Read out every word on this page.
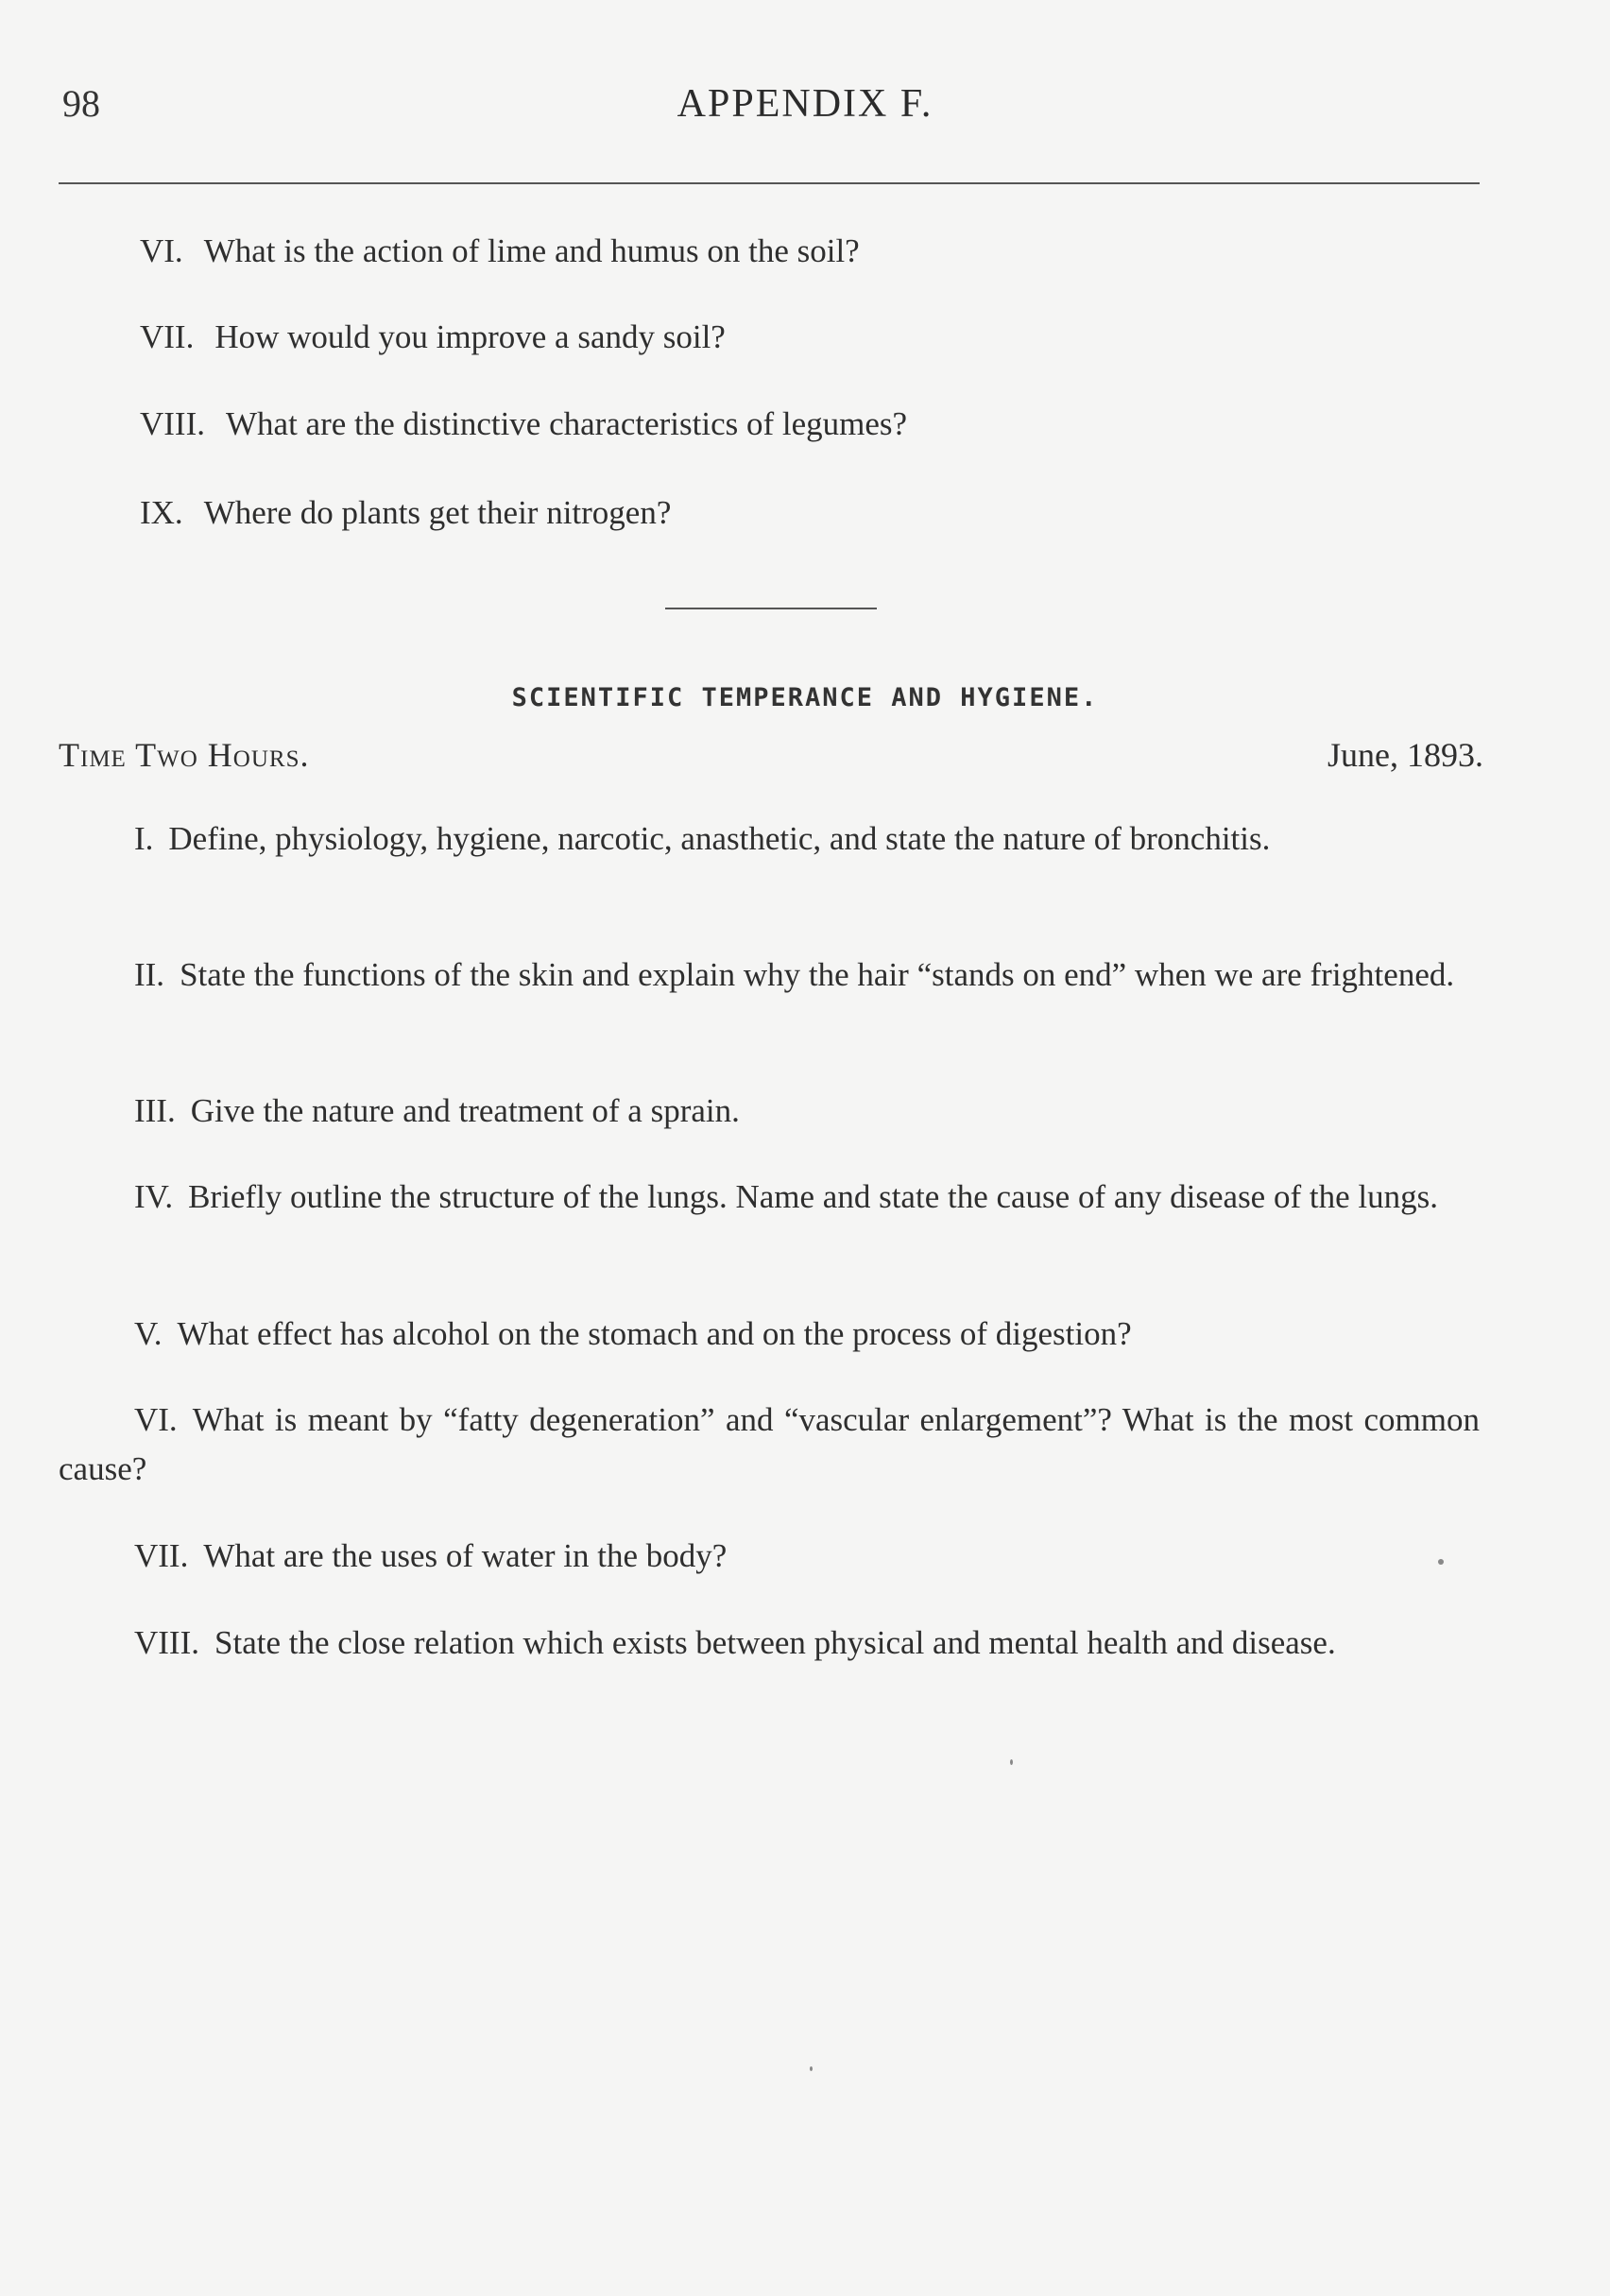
98	APPENDIX F.
VI. What is the action of lime and humus on the soil?
VII. How would you improve a sandy soil?
VIII. What are the distinctive characteristics of legumes?
IX. Where do plants get their nitrogen?
SCIENTIFIC TEMPERANCE AND HYGIENE.
Time Two Hours.	June, 1893.
I. Define, physiology, hygiene, narcotic, anasthetic, and state the nature of bronchitis.
II. State the functions of the skin and explain why the hair “stands on end” when we are frightened.
III. Give the nature and treatment of a sprain.
IV. Briefly outline the structure of the lungs. Name and state the cause of any disease of the lungs.
V. What effect has alcohol on the stomach and on the process of digestion?
VI. What is meant by “fatty degeneration” and “vascular enlargement”? What is the most common cause?
VII. What are the uses of water in the body?
VIII. State the close relation which exists between physical and mental health and disease.
